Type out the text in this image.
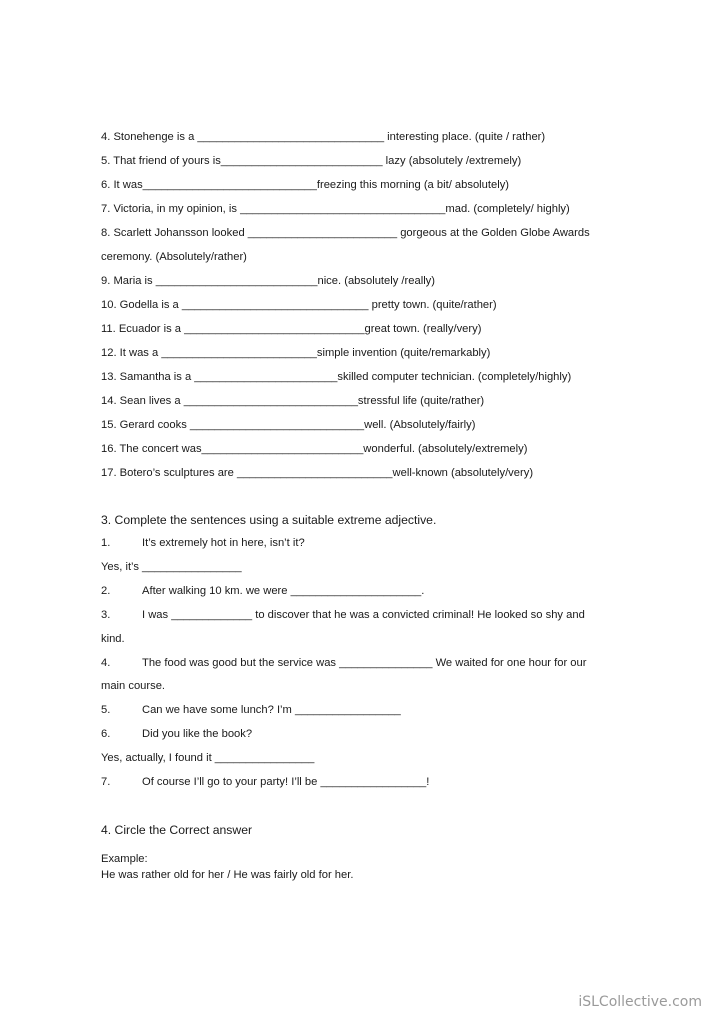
4. Stonehenge is a ______________________________ interesting place. (quite / rather)
5. That friend of yours is__________________________ lazy (absolutely /extremely)
6. It was____________________________freezing this morning (a bit/ absolutely)
7. Victoria, in my opinion, is _________________________________mad. (completely/ highly)
8. Scarlett Johansson looked ________________________ gorgeous at the Golden Globe Awards
ceremony. (Absolutely/rather)
9. Maria is __________________________nice. (absolutely /really)
10. Godella is a ______________________________ pretty town. (quite/rather)
11. Ecuador is a _____________________________great town. (really/very)
12. It was a _________________________simple invention (quite/remarkably)
13. Samantha is a _______________________skilled computer technician. (completely/highly)
14. Sean lives a ____________________________stressful life (quite/rather)
15. Gerard cooks ____________________________well. (Absolutely/fairly)
16. The concert was__________________________wonderful. (absolutely/extremely)
17. Botero’s sculptures are _________________________well-known (absolutely/very)
3. Complete the sentences using a suitable extreme adjective.
1.	It’s extremely hot in here, isn’t it?
Yes, it’s ________________
2.	After walking 10 km. we were _____________________.
3.	I was _____________ to discover that he was a convicted criminal! He looked so shy and
kind.
4.	The food was good but the service was _______________ We waited for one hour for our
main course.
5.	Can we have some lunch? I’m _________________
6.	Did you like the book?
Yes, actually, I found it ________________
7.	Of course I’ll go to your party! I’ll be _________________!
4. Circle the Correct answer
Example:
He was rather old for her / He was fairly old for her.
iSLCollective.com
